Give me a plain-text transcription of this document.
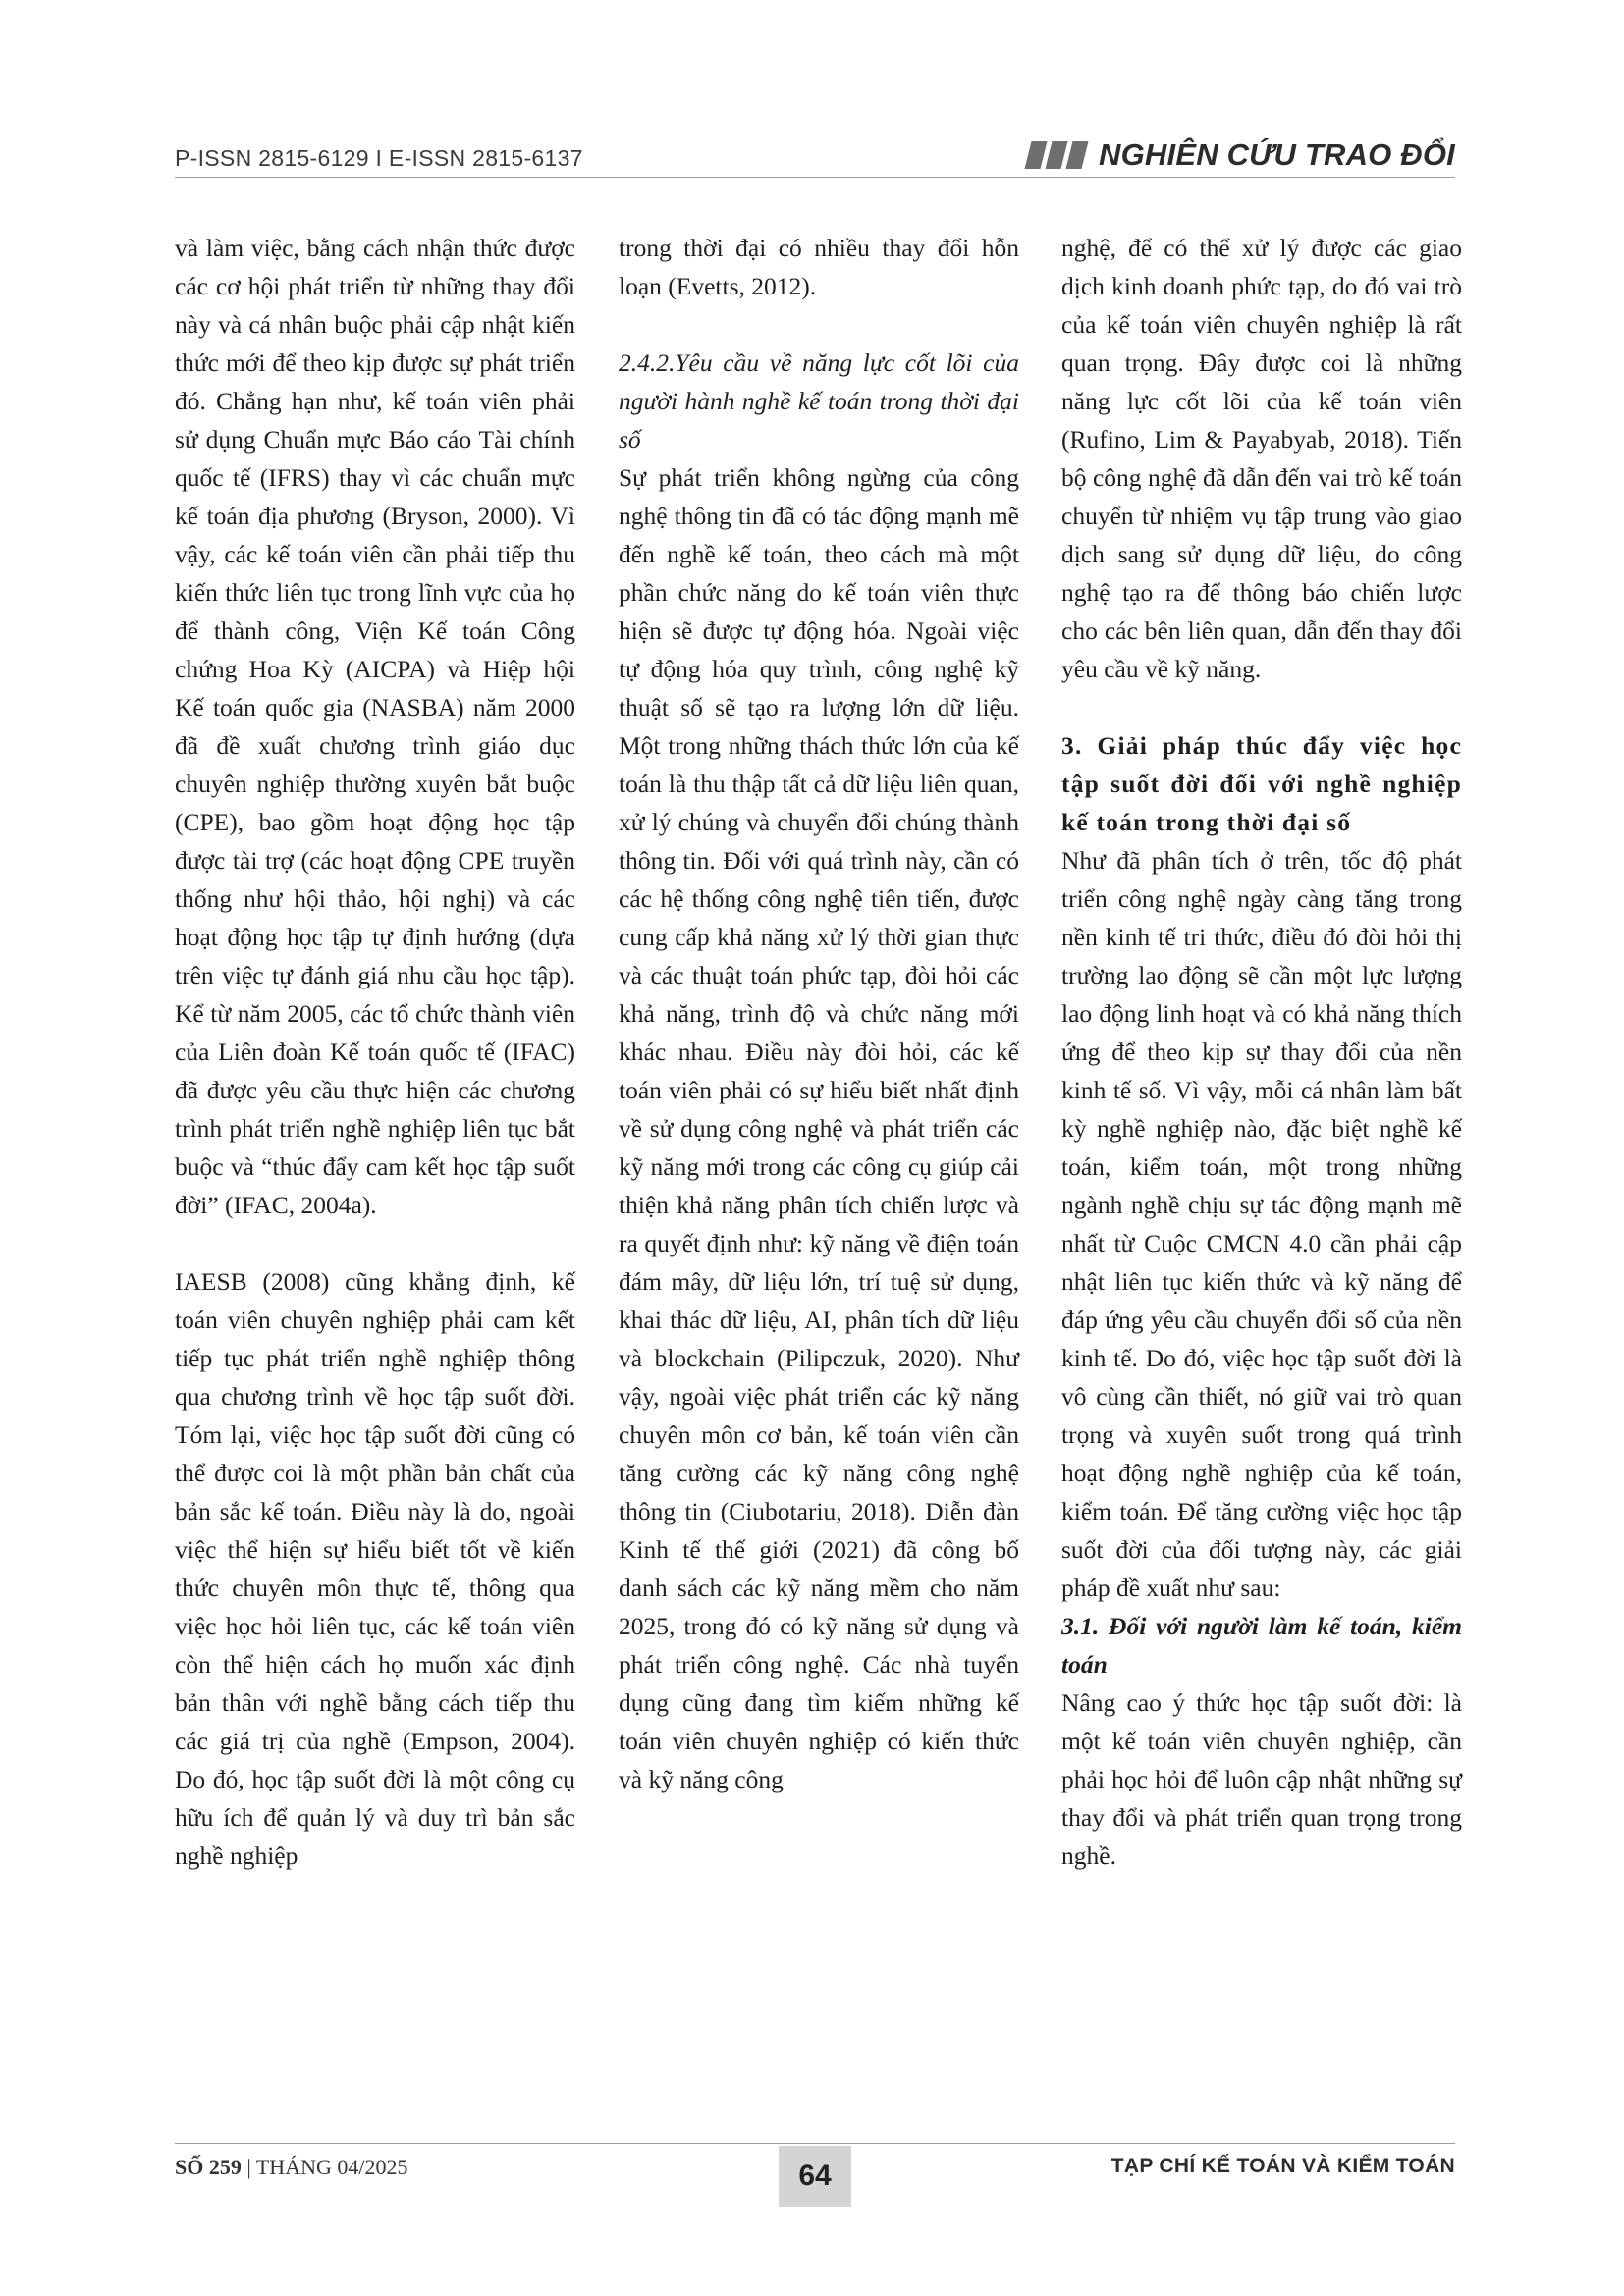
P-ISSN 2815-6129 I E-ISSN 2815-6137	NGHIÊN CỨU TRAO ĐỔI

và làm việc, bằng cách nhận thức được các cơ hội phát triển từ những thay đổi này và cá nhân buộc phải cập nhật kiến thức mới để theo kịp được sự phát triển đó. Chẳng hạn như, kế toán viên phải sử dụng Chuẩn mực Báo cáo Tài chính quốc tế (IFRS) thay vì các chuẩn mực kế toán địa phương (Bryson, 2000). Vì vậy, các kế toán viên cần phải tiếp thu kiến thức liên tục trong lĩnh vực của họ để thành công, Viện Kế toán Công chứng Hoa Kỳ (AICPA) và Hiệp hội Kế toán quốc gia (NASBA) năm 2000 đã đề xuất chương trình giáo dục chuyên nghiệp thường xuyên bắt buộc (CPE), bao gồm hoạt động học tập được tài trợ (các hoạt động CPE truyền thống như hội thảo, hội nghị) và các hoạt động học tập tự định hướng (dựa trên việc tự đánh giá nhu cầu học tập). Kể từ năm 2005, các tổ chức thành viên của Liên đoàn Kế toán quốc tế (IFAC) đã được yêu cầu thực hiện các chương trình phát triển nghề nghiệp liên tục bắt buộc và “thúc đẩy cam kết học tập suốt đời” (IFAC, 2004a).

IAESB (2008) cũng khẳng định, kế toán viên chuyên nghiệp phải cam kết tiếp tục phát triển nghề nghiệp thông qua chương trình về học tập suốt đời. Tóm lại, việc học tập suốt đời cũng có thể được coi là một phần bản chất của bản sắc kế toán. Điều này là do, ngoài việc thể hiện sự hiểu biết tốt về kiến thức chuyên môn thực tế, thông qua việc học hỏi liên tục, các kế toán viên còn thể hiện cách họ muốn xác định bản thân với nghề bằng cách tiếp thu các giá trị của nghề (Empson, 2004). Do đó, học tập suốt đời là một công cụ hữu ích để quản lý và duy trì bản sắc nghề nghiệp

trong thời đại có nhiều thay đổi hỗn loạn (Evetts, 2012).

2.4.2.Yêu cầu về năng lực cốt lõi của người hành nghề kế toán trong thời đại số

Sự phát triển không ngừng của công nghệ thông tin đã có tác động mạnh mẽ đến nghề kế toán, theo cách mà một phần chức năng do kế toán viên thực hiện sẽ được tự động hóa. Ngoài việc tự động hóa quy trình, công nghệ kỹ thuật số sẽ tạo ra lượng lớn dữ liệu. Một trong những thách thức lớn của kế toán là thu thập tất cả dữ liệu liên quan, xử lý chúng và chuyển đổi chúng thành thông tin. Đối với quá trình này, cần có các hệ thống công nghệ tiên tiến, được cung cấp khả năng xử lý thời gian thực và các thuật toán phức tạp, đòi hỏi các khả năng, trình độ và chức năng mới khác nhau. Điều này đòi hỏi, các kế toán viên phải có sự hiểu biết nhất định về sử dụng công nghệ và phát triển các kỹ năng mới trong các công cụ giúp cải thiện khả năng phân tích chiến lược và ra quyết định như: kỹ năng về điện toán đám mây, dữ liệu lớn, trí tuệ sử dụng, khai thác dữ liệu, AI, phân tích dữ liệu và blockchain (Pilipczuk, 2020). Như vậy, ngoài việc phát triển các kỹ năng chuyên môn cơ bản, kế toán viên cần tăng cường các kỹ năng công nghệ thông tin (Ciubotariu, 2018). Diễn đàn Kinh tế thế giới (2021) đã công bố danh sách các kỹ năng mềm cho năm 2025, trong đó có kỹ năng sử dụng và phát triển công nghệ. Các nhà tuyển dụng cũng đang tìm kiếm những kế toán viên chuyên nghiệp có kiến thức và kỹ năng công

nghệ, để có thể xử lý được các giao dịch kinh doanh phức tạp, do đó vai trò của kế toán viên chuyên nghiệp là rất quan trọng. Đây được coi là những năng lực cốt lõi của kế toán viên (Rufino, Lim & Payabyab, 2018). Tiến bộ công nghệ đã dẫn đến vai trò kế toán chuyển từ nhiệm vụ tập trung vào giao dịch sang sử dụng dữ liệu, do công nghệ tạo ra để thông báo chiến lược cho các bên liên quan, dẫn đến thay đổi yêu cầu về kỹ năng.

3. Giải pháp thúc đẩy việc học tập suốt đời đối với nghề nghiệp kế toán trong thời đại số

Như đã phân tích ở trên, tốc độ phát triển công nghệ ngày càng tăng trong nền kinh tế tri thức, điều đó đòi hỏi thị trường lao động sẽ cần một lực lượng lao động linh hoạt và có khả năng thích ứng để theo kịp sự thay đổi của nền kinh tế số. Vì vậy, mỗi cá nhân làm bất kỳ nghề nghiệp nào, đặc biệt nghề kế toán, kiểm toán, một trong những ngành nghề chịu sự tác động mạnh mẽ nhất từ Cuộc CMCN 4.0 cần phải cập nhật liên tục kiến thức và kỹ năng để đáp ứng yêu cầu chuyển đổi số của nền kinh tế. Do đó, việc học tập suốt đời là vô cùng cần thiết, nó giữ vai trò quan trọng và xuyên suốt trong quá trình hoạt động nghề nghiệp của kế toán, kiểm toán. Để tăng cường việc học tập suốt đời của đối tượng này, các giải pháp đề xuất như sau:

3.1. Đối với người làm kế toán, kiểm toán

Nâng cao ý thức học tập suốt đời: là một kế toán viên chuyên nghiệp, cần phải học hỏi để luôn cập nhật những sự thay đổi và phát triển quan trọng trong nghề.
SỐ 259 | THÁNG 04/2025	64	TẠP CHÍ KẾ TOÁN VÀ KIỂM TOÁN
